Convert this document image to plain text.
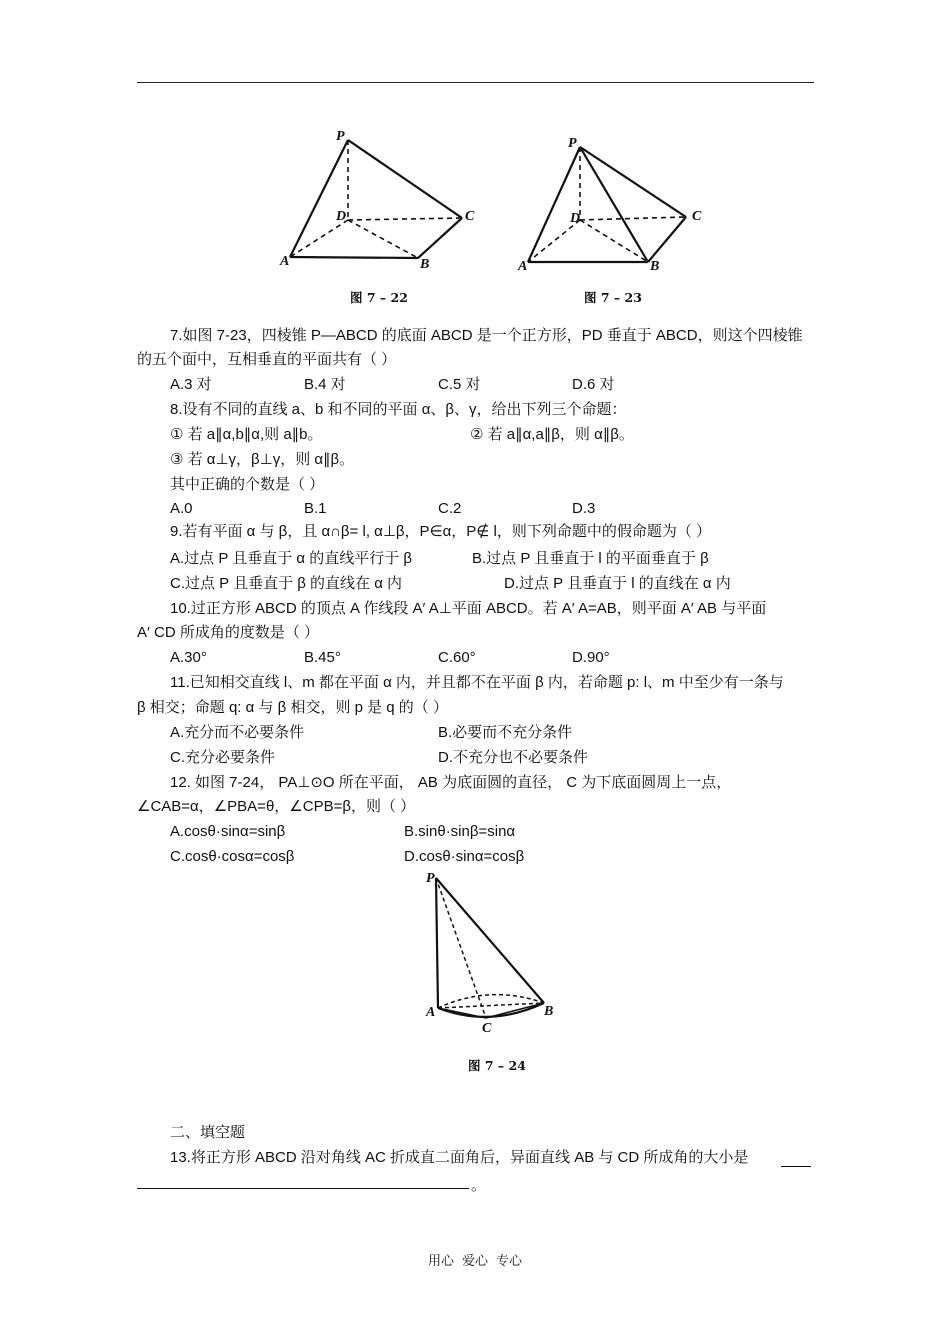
P
D	C
A	B
图 7 – 22
P
D	C
A	B
图 7 – 23
7.如图 7-23，四棱锥 P—ABCD 的底面 ABCD 是一个正方形，PD 垂直于 ABCD，则这个四棱锥
的五个面中，互相垂直的平面共有（ ）
A.3 对	B.4 对	C.5 对	D.6 对
8.设有不同的直线 a、b 和不同的平面 α、β、γ，给出下列三个命题：
① 若 a∥α,b∥α,则 a∥b。	② 若 a∥α,a∥β，则 α∥β。
③ 若 α⊥γ，β⊥γ，则 α∥β。
其中正确的个数是（ ）
A.0	B.1	C.2	D.3
9.若有平面 α 与 β，且 α∩β= l, α⊥β，P∈α，P∉ l，则下列命题中的假命题为（ ）
A.过点 P 且垂直于 α 的直线平行于 β	B.过点 P 且垂直于 l 的平面垂直于 β
C.过点 P 且垂直于 β 的直线在 α 内	D.过点 P 且垂直于 l 的直线在 α 内
10.过正方形 ABCD 的顶点 A 作线段 A′ A⊥平面 ABCD。若 A′ A=AB，则平面 A′ AB 与平面
A′ CD 所成角的度数是（ ）
A.30°	B.45°	C.60°	D.90°
11.已知相交直线 l、m 都在平面 α 内，并且都不在平面 β 内，若命题 p: l、m 中至少有一条与
β 相交；命题 q: α 与 β 相交，则 p 是 q 的（ ）
A.充分而不必要条件	B.必要而不充分条件
C.充分必要条件	D.不充分也不必要条件
12. 如图 7-24， PA⊥⊙O 所在平面， AB 为底面圆的直径， C 为下底面圆周上一点，
∠CAB=α，∠PBA=θ，∠CPB=β，则（ ）
A.cosθ·sinα=sinβ	B.sinθ·sinβ=sinα
C.cosθ·cosα=cosβ	D.cosθ·sinα=cosβ
P
A	B
C
图 7 – 24
二、填空题
13.将正方形 ABCD 沿对角线 AC 折成直二面角后，异面直线 AB 与 CD 所成角的大小是
。
用心 爱心 专心
